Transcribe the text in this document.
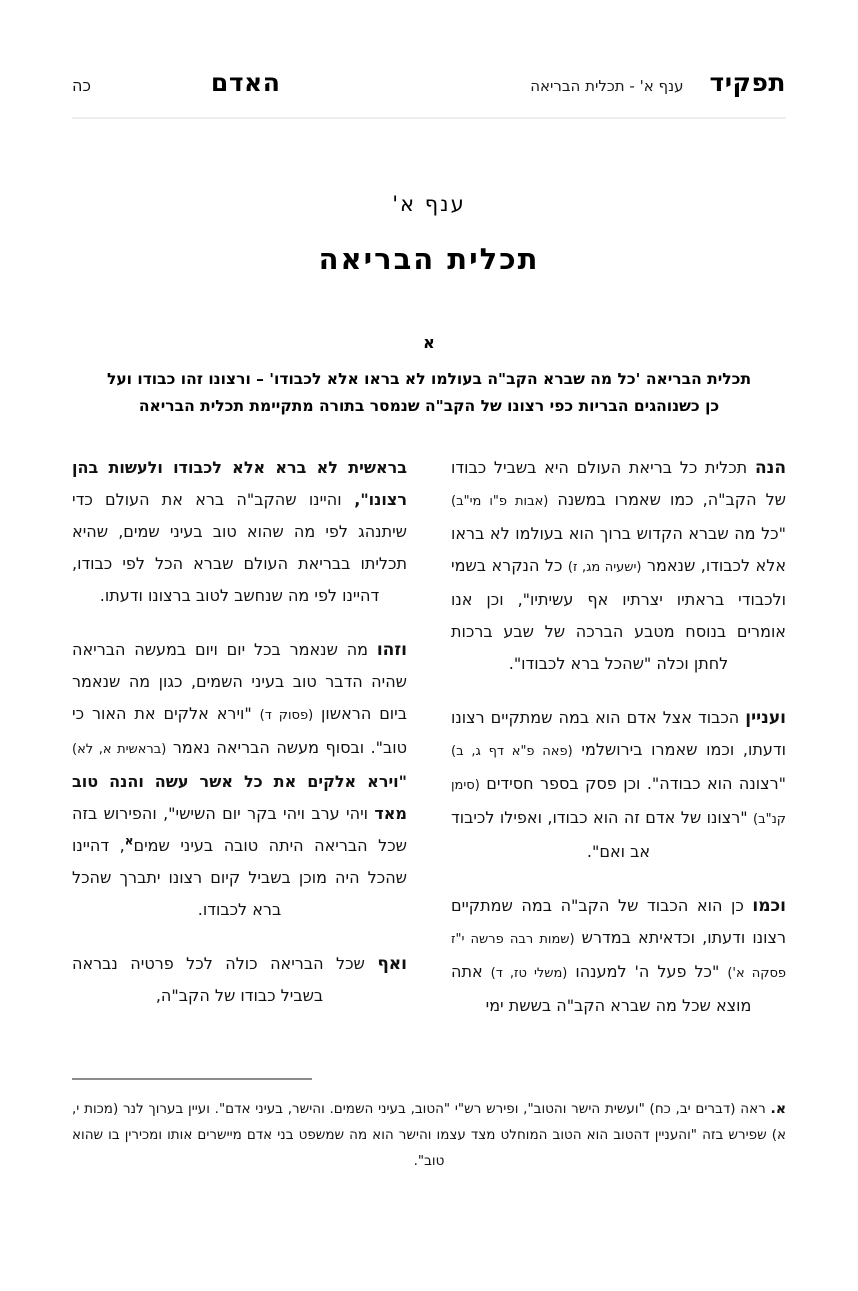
תפקיד
ענף א' - תכלית הבריאה
האדם
כה
ענף א'
תכלית הבריאה
א
תכלית הבריאה 'כל מה שברא הקב"ה בעולמו לא בראו אלא לכבודו' – ורצונו זהו כבודו ועל כן כשנוהגים הבריות כפי רצונו של הקב"ה שנמסר בתורה מתקיימת תכלית הבריאה

הנה תכלית כל בריאת העולם היא בשביל כבודו של הקב"ה, כמו שאמרו במשנה (אבות פ"ו מי"ב) "כל מה שברא הקדוש ברוך הוא בעולמו לא בראו אלא לכבודו, שנאמר (ישעיה מג, ז) כל הנקרא בשמי ולכבודי בראתיו יצרתיו אף עשיתיו", וכן אנו אומרים בנוסח מטבע הברכה של שבע ברכות לחתן וכלה "שהכל ברא לכבודו".

ועניין הכבוד אצל אדם הוא במה שמתקיים רצונו ודעתו, וכמו שאמרו בירושלמי (פאה פ"א דף ג, ב) "רצונה הוא כבודה". וכן פסק בספר חסידים (סימן קנ"ב) "רצונו של אדם זה הוא כבודו, ואפילו לכיבוד אב ואם".

וכמו כן הוא הכבוד של הקב"ה במה שמתקיים רצונו ודעתו, וכדאיתא במדרש (שמות רבה פרשה י"ז פסקה א') "כל פעל ה' למענהו (משלי טז, ד) אתה מוצא שכל מה שברא הקב"ה בששת ימי

בראשית לא ברא אלא לכבודו ולעשות בהן רצונו", והיינו שהקב"ה ברא את העולם כדי שיתנהג לפי מה שהוא טוב בעיני שמים, שהיא תכליתו בבריאת העולם שברא הכל לפי כבודו, דהיינו לפי מה שנחשב לטוב ברצונו ודעתו.

וזהו מה שנאמר בכל יום ויום במעשה הבריאה שהיה הדבר טוב בעיני השמים, כגון מה שנאמר ביום הראשון (פסוק ד) "וירא אלקים את האור כי טוב". ובסוף מעשה הבריאה נאמר (בראשית א, לא) "וירא אלקים את כל אשר עשה והנה טוב מאד ויהי ערב ויהי בקר יום השישי", והפירוש בזה שכל הבריאה היתה טובה בעיני שמים$^א$, דהיינו שהכל היה מוכן בשביל קיום רצונו יתברך שהכל ברא לכבודו.

ואף שכל הבריאה כולה לכל פרטיה נבראה בשביל כבודו של הקב"ה,

א. ראה (דברים יב, כח) "ועשית הישר והטוב", ופירש רש"י "הטוב, בעיני השמים. והישר, בעיני אדם". ועיין בערוך לנר (מכות י, א) שפירש בזה "והעניין דהטוב הוא הטוב המוחלט מצד עצמו והישר הוא מה שמשפט בני אדם מיישרים אותו ומכירין בו שהוא טוב".
